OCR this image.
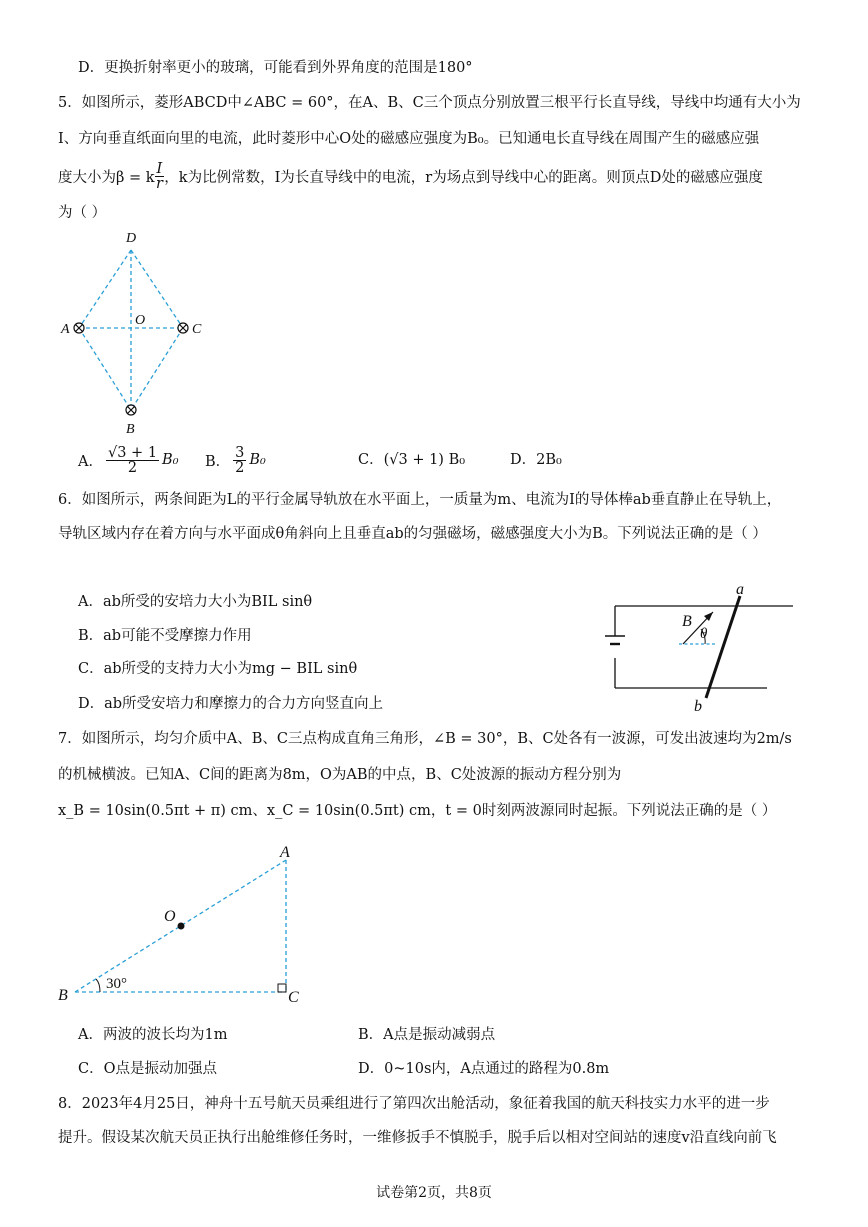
D．更换折射率更小的玻璃，可能看到外界角度的范围是180°
5．如图所示，菱形ABCD中∠ABC = 60°，在A、B、C三个顶点分别放置三根平行长直导线，导线中均通有大小为
I、方向垂直纸面向里的电流，此时菱形中心O处的磁感应强度为B₀。已知通电长直导线在周围产生的磁感应强
度大小为β = k $\frac{I}{r}$ ，k为比例常数，I为长直导线中的电流，r为场点到导线中心的距离。则顶点D处的磁感应强度
为（ ）
D
A	C
O
B
A． $\frac{√3 + 1}{2} B_0$ B． $\frac{3}{2} B_0$	C．(√3 + 1) B₀	D．2B₀
6．如图所示，两条间距为L的平行金属导轨放在水平面上，一质量为m、电流为I的导体棒ab垂直静止在导轨上，
导轨区域内存在着方向与水平面成θ角斜向上且垂直ab的匀强磁场，磁感强度大小为B。下列说法正确的是（ ）
A．ab所受的安培力大小为BIL sinθ
B．ab可能不受摩擦力作用
C．ab所受的支持力大小为mg − BIL sinθ
D．ab所受安培力和摩擦力的合力方向竖直向上
a
b
B
θ
7．如图所示，均匀介质中A、B、C三点构成直角三角形，∠B = 30°，B、C处各有一波源，可发出波速均为2m/s
的机械横波。已知A、C间的距离为8m，O为AB的中点，B、C处波源的振动方程分别为
x_B = 10sin(0.5πt + π) cm、x_C = 10sin(0.5πt) cm，t = 0时刻两波源同时起振。下列说法正确的是（ ）
A
B	C
O
30°
A．两波的波长均为1m	B．A点是振动减弱点
C．O点是振动加强点	D．0~10s内，A点通过的路程为0.8m
8．2023年4月25日，神舟十五号航天员乘组进行了第四次出舱活动，象征着我国的航天科技实力水平的进一步
提升。假设某次航天员正执行出舱维修任务时，一维修扳手不慎脱手，脱手后以相对空间站的速度v沿直线向前飞
试卷第2页，共8页
